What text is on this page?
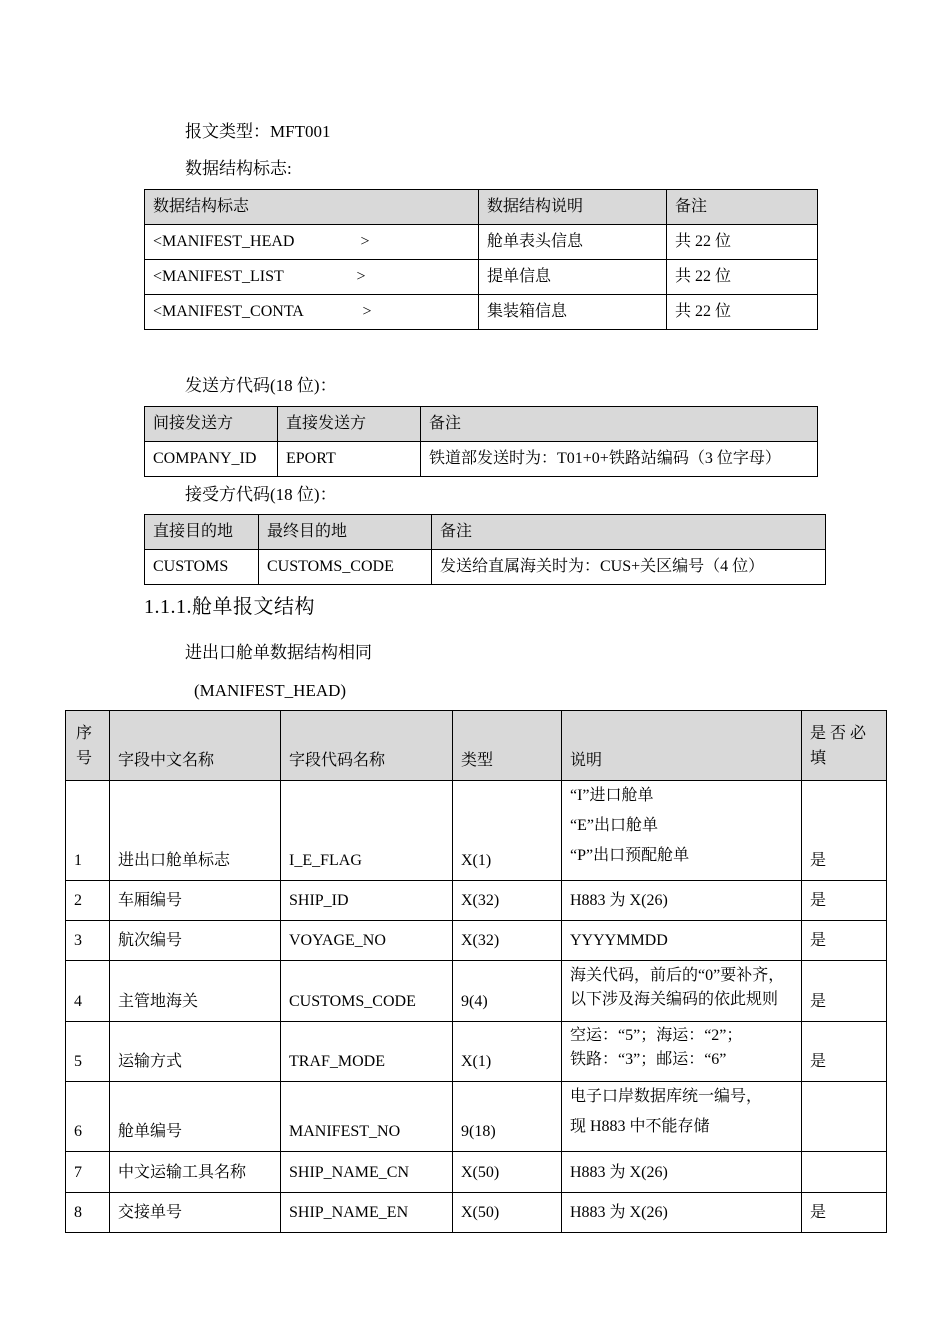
报文类型：MFT001
数据结构标志:
数据结构标志	数据结构说明	备注
<MANIFEST_HEAD >	舱单表头信息	共 22 位
<MANIFEST_LIST >	提单信息	共 22 位
<MANIFEST_CONTA >	集装箱信息	共 22 位
发送方代码(18 位)：
间接发送方	直接发送方	备注
COMPANY_ID	EPORT	铁道部发送时为：T01+0+铁路站编码（3 位字母）
接受方代码(18 位)：
直接目的地	最终目的地	备注
CUSTOMS	CUSTOMS_CODE	发送给直属海关时为：CUS+关区编号（4 位）
1.1.1.舱单报文结构
进出口舱单数据结构相同
(MANIFEST_HEAD)
序号	字段中文名称	字段代码名称	类型	说明	是 否 必 填
1	进出口舱单标志	I_E_FLAG	X(1)	“I”进口舱单
“E”出口舱单
“P”出口预配舱单	是
2	车厢编号	SHIP_ID	X(32)	H883 为 X(26)	是
3	航次编号	VOYAGE_NO	X(32)	YYYYMMDD	是
4	主管地海关	CUSTOMS_CODE	9(4)	海关代码，前后的“0”要补齐，
以下涉及海关编码的依此规则	是
5	运输方式	TRAF_MODE	X(1)	空运：“5”；海运：“2”；
铁路：“3”；邮运：“6”	是
6	舱单编号	MANIFEST_NO	9(18)	电子口岸数据库统一编号，
现 H883 中不能存储	

7	中文运输工具名称	SHIP_NAME_CN	X(50)	H883 为 X(26)	
8	交接单号	SHIP_NAME_EN	X(50)	H883 为 X(26)	是
